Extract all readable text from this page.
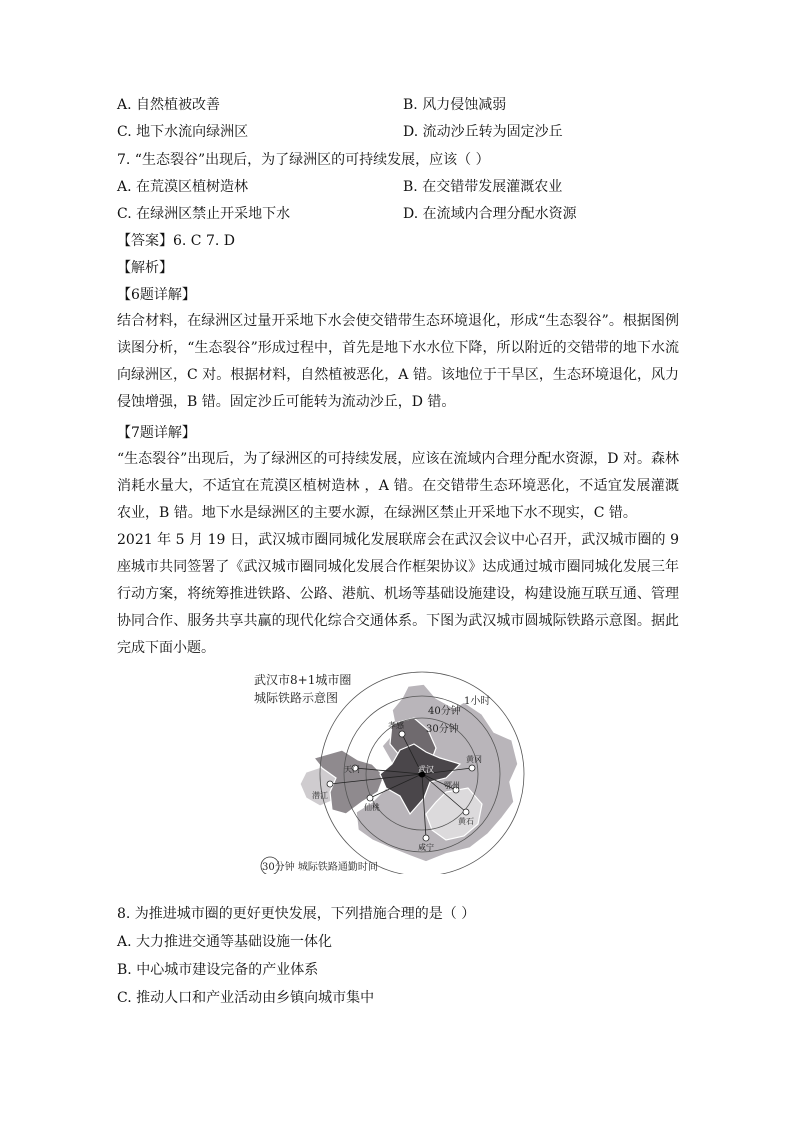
A. 自然植被改善	B. 风力侵蚀减弱
C. 地下水流向绿洲区	D. 流动沙丘转为固定沙丘
7. “生态裂谷”出现后，为了绿洲区的可持续发展，应该（ ）
A. 在荒漠区植树造林	B. 在交错带发展灌溉农业
C. 在绿洲区禁止开采地下水	D. 在流域内合理分配水资源
【答案】6. C 7. D
【解析】
【6题详解】
结合材料，在绿洲区过量开采地下水会使交错带生态环境退化，形成“生态裂谷”。根据图例读图分析，“生态裂谷”形成过程中，首先是地下水水位下降，所以附近的交错带的地下水流向绿洲区，C 对。根据材料，自然植被恶化，A 错。该地位于干旱区，生态环境退化，风力侵蚀增强，B 错。固定沙丘可能转为流动沙丘，D 错。
【7题详解】
“生态裂谷”出现后，为了绿洲区的可持续发展，应该在流域内合理分配水资源，D 对。森林消耗水量大，不适宜在荒漠区植树造林 ，A 错。在交错带生态环境恶化，不适宜发展灌溉农业，B 错。地下水是绿洲区的主要水源，在绿洲区禁止开采地下水不现实，C 错。
2021 年 5 月 19 日，武汉城市圈同城化发展联席会在武汉会议中心召开，武汉城市圈的 9 座城市共同签署了《武汉城市圈同城化发展合作框架协议》达成通过城市圈同城化发展三年行动方案，将统筹推进铁路、公路、港航、机场等基础设施建设，构建设施互联互通、管理协同合作、服务共享共赢的现代化综合交通体系。下图为武汉城市圆城际铁路示意图。据此完成下面小题。
武汉市8+1城市圈
城际铁路示意图	1小时
40分钟
30分钟
孝感
武汉
天门
潜江
仙桃
黄冈
鄂州
黄石
咸宁
30分钟 城际铁路通勤时间
8. 为推进城市圈的更好更快发展，下列措施合理的是（ ）
A. 大力推进交通等基础设施一体化
B. 中心城市建设完备的产业体系
C. 推动人口和产业活动由乡镇向城市集中
